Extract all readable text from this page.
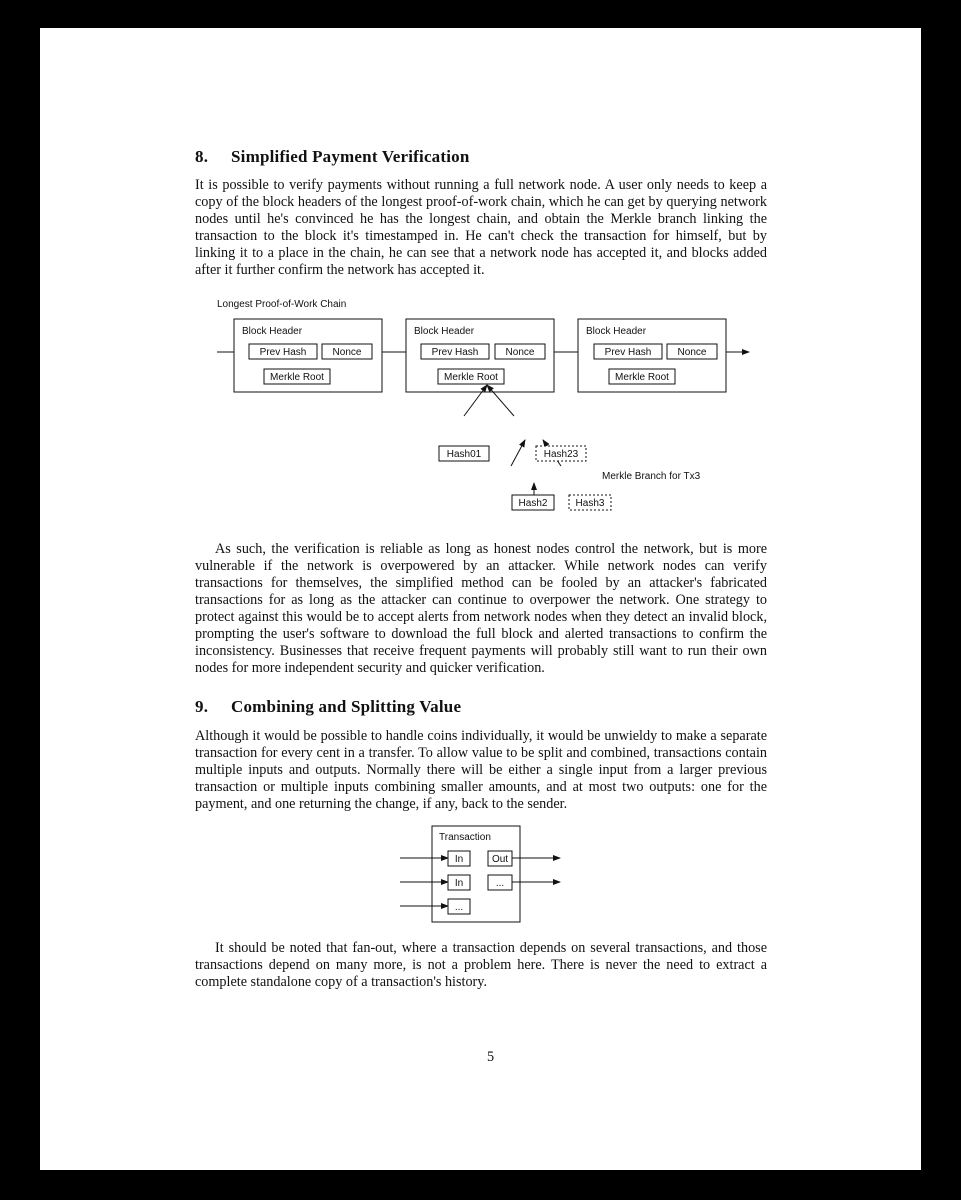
8. Simplified Payment Verification

It is possible to verify payments without running a full network node. A user only needs to keep a copy of the block headers of the longest proof-of-work chain, which he can get by querying network nodes until he's convinced he has the longest chain, and obtain the Merkle branch linking the transaction to the block it's timestamped in. He can't check the transaction for himself, but by linking it to a place in the chain, he can see that a network node has accepted it, and blocks added after it further confirm the network has accepted it.

Longest Proof-of-Work Chain
Block Header
Prev Hash	Nonce
Merkle Root
Block Header
Prev Hash	Nonce
Merkle Root
Block Header
Prev Hash	Nonce
Merkle Root
Hash01	Hash23
Merkle Branch for Tx3
Hash2	Hash3

As such, the verification is reliable as long as honest nodes control the network, but is more vulnerable if the network is overpowered by an attacker. While network nodes can verify transactions for themselves, the simplified method can be fooled by an attacker's fabricated transactions for as long as the attacker can continue to overpower the network. One strategy to protect against this would be to accept alerts from network nodes when they detect an invalid block, prompting the user's software to download the full block and alerted transactions to confirm the inconsistency. Businesses that receive frequent payments will probably still want to run their own nodes for more independent security and quicker verification.

9. Combining and Splitting Value

Although it would be possible to handle coins individually, it would be unwieldy to make a separate transaction for every cent in a transfer. To allow value to be split and combined, transactions contain multiple inputs and outputs. Normally there will be either a single input from a larger previous transaction or multiple inputs combining smaller amounts, and at most two outputs: one for the payment, and one returning the change, if any, back to the sender.

Transaction
In
In
...
Out
...

It should be noted that fan-out, where a transaction depends on several transactions, and those transactions depend on many more, is not a problem here. There is never the need to extract a complete standalone copy of a transaction's history.

5
